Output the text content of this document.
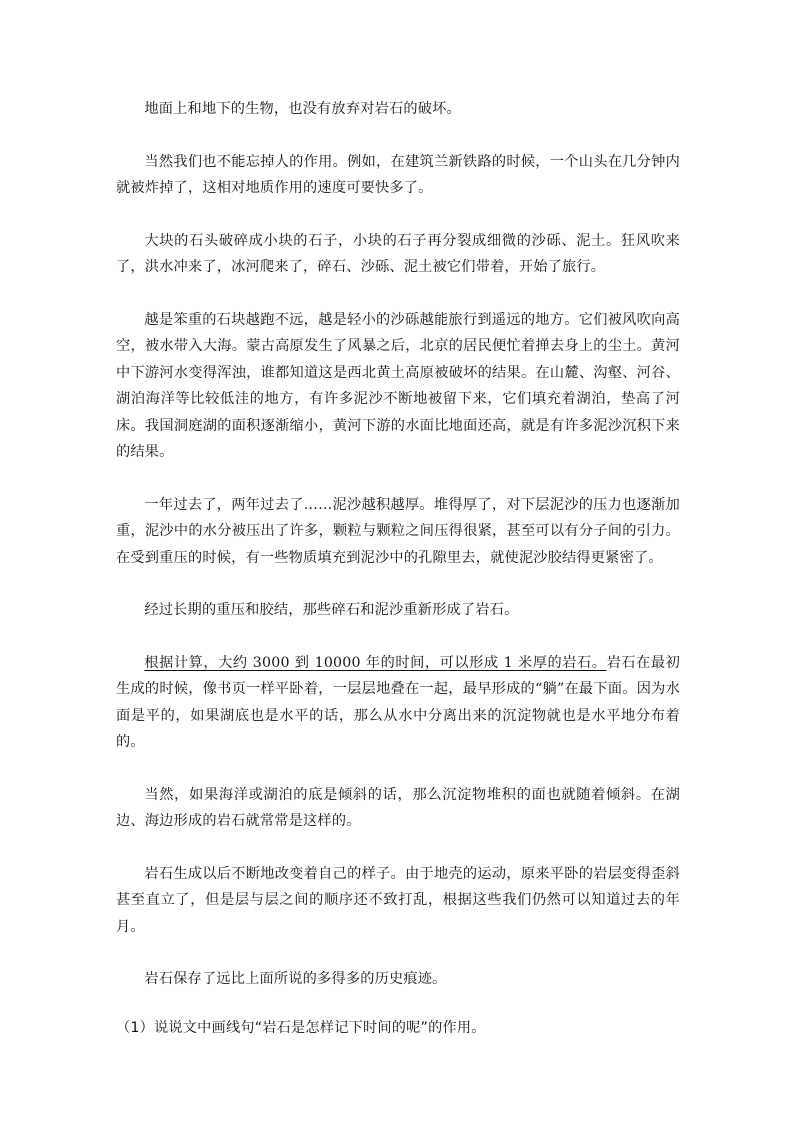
地面上和地下的生物，也没有放弃对岩石的破坏。

当然我们也不能忘掉人的作用。例如，在建筑兰新铁路的时候，一个山头在几分钟内就被炸掉了，这相对地质作用的速度可要快多了。

大块的石头破碎成小块的石子，小块的石子再分裂成细微的沙砾、泥土。狂风吹来了，洪水冲来了，冰河爬来了，碎石、沙砾、泥土被它们带着，开始了旅行。

越是笨重的石块越跑不远，越是轻小的沙砾越能旅行到遥远的地方。它们被风吹向高空，被水带入大海。蒙古高原发生了风暴之后，北京的居民便忙着掸去身上的尘土。黄河中下游河水变得浑浊，谁都知道这是西北黄土高原被破坏的结果。在山麓、沟壑、河谷、湖泊海洋等比较低洼的地方，有许多泥沙不断地被留下来，它们填充着湖泊，垫高了河床。我国洞庭湖的面积逐渐缩小，黄河下游的水面比地面还高，就是有许多泥沙沉积下来的结果。

一年过去了，两年过去了……泥沙越积越厚。堆得厚了，对下层泥沙的压力也逐渐加重，泥沙中的水分被压出了许多，颗粒与颗粒之间压得很紧，甚至可以有分子间的引力。在受到重压的时候，有一些物质填充到泥沙中的孔隙里去，就使泥沙胶结得更紧密了。

经过长期的重压和胶结，那些碎石和泥沙重新形成了岩石。

根据计算，大约 3000 到 10000 年的时间，可以形成 1 米厚的岩石。岩石在最初生成的时候，像书页一样平卧着，一层层地叠在一起，最早形成的“躺”在最下面。因为水面是平的，如果湖底也是水平的话，那么从水中分离出来的沉淀物就也是水平地分布着的。

当然，如果海洋或湖泊的底是倾斜的话，那么沉淀物堆积的面也就随着倾斜。在湖边、海边形成的岩石就常常是这样的。

岩石生成以后不断地改变着自己的样子。由于地壳的运动，原来平卧的岩层变得歪斜甚至直立了，但是层与层之间的顺序还不致打乱，根据这些我们仍然可以知道过去的年月。

岩石保存了远比上面所说的多得多的历史痕迹。

（1）说说文中画线句“岩石是怎样记下时间的呢”的作用。
